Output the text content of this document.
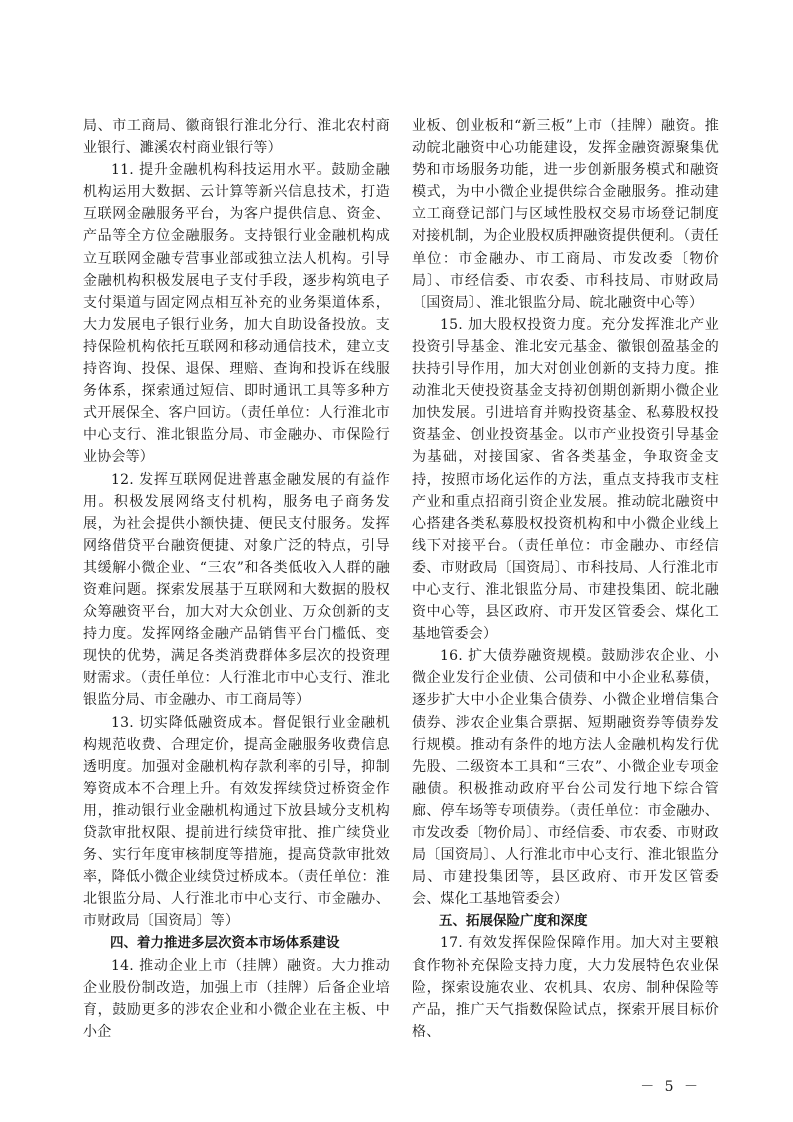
局、市工商局、徽商银行淮北分行、淮北农村商业银行、濉溪农村商业银行等）

11. 提升金融机构科技运用水平。鼓励金融机构运用大数据、云计算等新兴信息技术，打造互联网金融服务平台，为客户提供信息、资金、产品等全方位金融服务。支持银行业金融机构成立互联网金融专营事业部或独立法人机构。引导金融机构积极发展电子支付手段，逐步构筑电子支付渠道与固定网点相互补充的业务渠道体系，大力发展电子银行业务，加大自助设备投放。支持保险机构依托互联网和移动通信技术，建立支持咨询、投保、退保、理赔、查询和投诉在线服务体系，探索通过短信、即时通讯工具等多种方式开展保全、客户回访。（责任单位：人行淮北市中心支行、淮北银监分局、市金融办、市保险行业协会等）

12. 发挥互联网促进普惠金融发展的有益作用。积极发展网络支付机构，服务电子商务发展，为社会提供小额快捷、便民支付服务。发挥网络借贷平台融资便捷、对象广泛的特点，引导其缓解小微企业、“三农”和各类低收入人群的融资难问题。探索发展基于互联网和大数据的股权众筹融资平台，加大对大众创业、万众创新的支持力度。发挥网络金融产品销售平台门槛低、变现快的优势，满足各类消费群体多层次的投资理财需求。（责任单位：人行淮北市中心支行、淮北银监分局、市金融办、市工商局等）

13. 切实降低融资成本。督促银行业金融机构规范收费、合理定价，提高金融服务收费信息透明度。加强对金融机构存款利率的引导，抑制筹资成本不合理上升。有效发挥续贷过桥资金作用，推动银行业金融机构通过下放县域分支机构贷款审批权限、提前进行续贷审批、推广续贷业务、实行年度审核制度等措施，提高贷款审批效率，降低小微企业续贷过桥成本。（责任单位：淮北银监分局、人行淮北市中心支行、市金融办、市财政局〔国资局〕等）

四、着力推进多层次资本市场体系建设

14. 推动企业上市（挂牌）融资。大力推动企业股份制改造，加强上市（挂牌）后备企业培育，鼓励更多的涉农企业和小微企业在主板、中小企

业板、创业板和“新三板”上市（挂牌）融资。推动皖北融资中心功能建设，发挥金融资源聚集优势和市场服务功能，进一步创新服务模式和融资模式，为中小微企业提供综合金融服务。推动建立工商登记部门与区域性股权交易市场登记制度对接机制，为企业股权质押融资提供便利。（责任单位：市金融办、市工商局、市发改委〔物价局〕、市经信委、市农委、市科技局、市财政局〔国资局〕、淮北银监分局、皖北融资中心等）

15. 加大股权投资力度。充分发挥淮北产业投资引导基金、淮北安元基金、徽银创盈基金的扶持引导作用，加大对创业创新的支持力度。推动淮北天使投资基金支持初创期创新期小微企业加快发展。引进培育并购投资基金、私募股权投资基金、创业投资基金。以市产业投资引导基金为基础，对接国家、省各类基金，争取资金支持，按照市场化运作的方法，重点支持我市支柱产业和重点招商引资企业发展。推动皖北融资中心搭建各类私募股权投资机构和中小微企业线上线下对接平台。（责任单位：市金融办、市经信委、市财政局〔国资局〕、市科技局、人行淮北市中心支行、淮北银监分局、市建投集团、皖北融资中心等，县区政府、市开发区管委会、煤化工基地管委会）

16. 扩大债券融资规模。鼓励涉农企业、小微企业发行企业债、公司债和中小企业私募债，逐步扩大中小企业集合债券、小微企业增信集合债券、涉农企业集合票据、短期融资券等债券发行规模。推动有条件的地方法人金融机构发行优先股、二级资本工具和“三农”、小微企业专项金融债。积极推动政府平台公司发行地下综合管廊、停车场等专项债券。（责任单位：市金融办、市发改委〔物价局〕、市经信委、市农委、市财政局〔国资局〕、人行淮北市中心支行、淮北银监分局、市建投集团等，县区政府、市开发区管委会、煤化工基地管委会）

五、拓展保险广度和深度

17. 有效发挥保险保障作用。加大对主要粮食作物补充保险支持力度，大力发展特色农业保险，探索设施农业、农机具、农房、制种保险等产品，推广天气指数保险试点，探索开展目标价格、

－ 5 －
